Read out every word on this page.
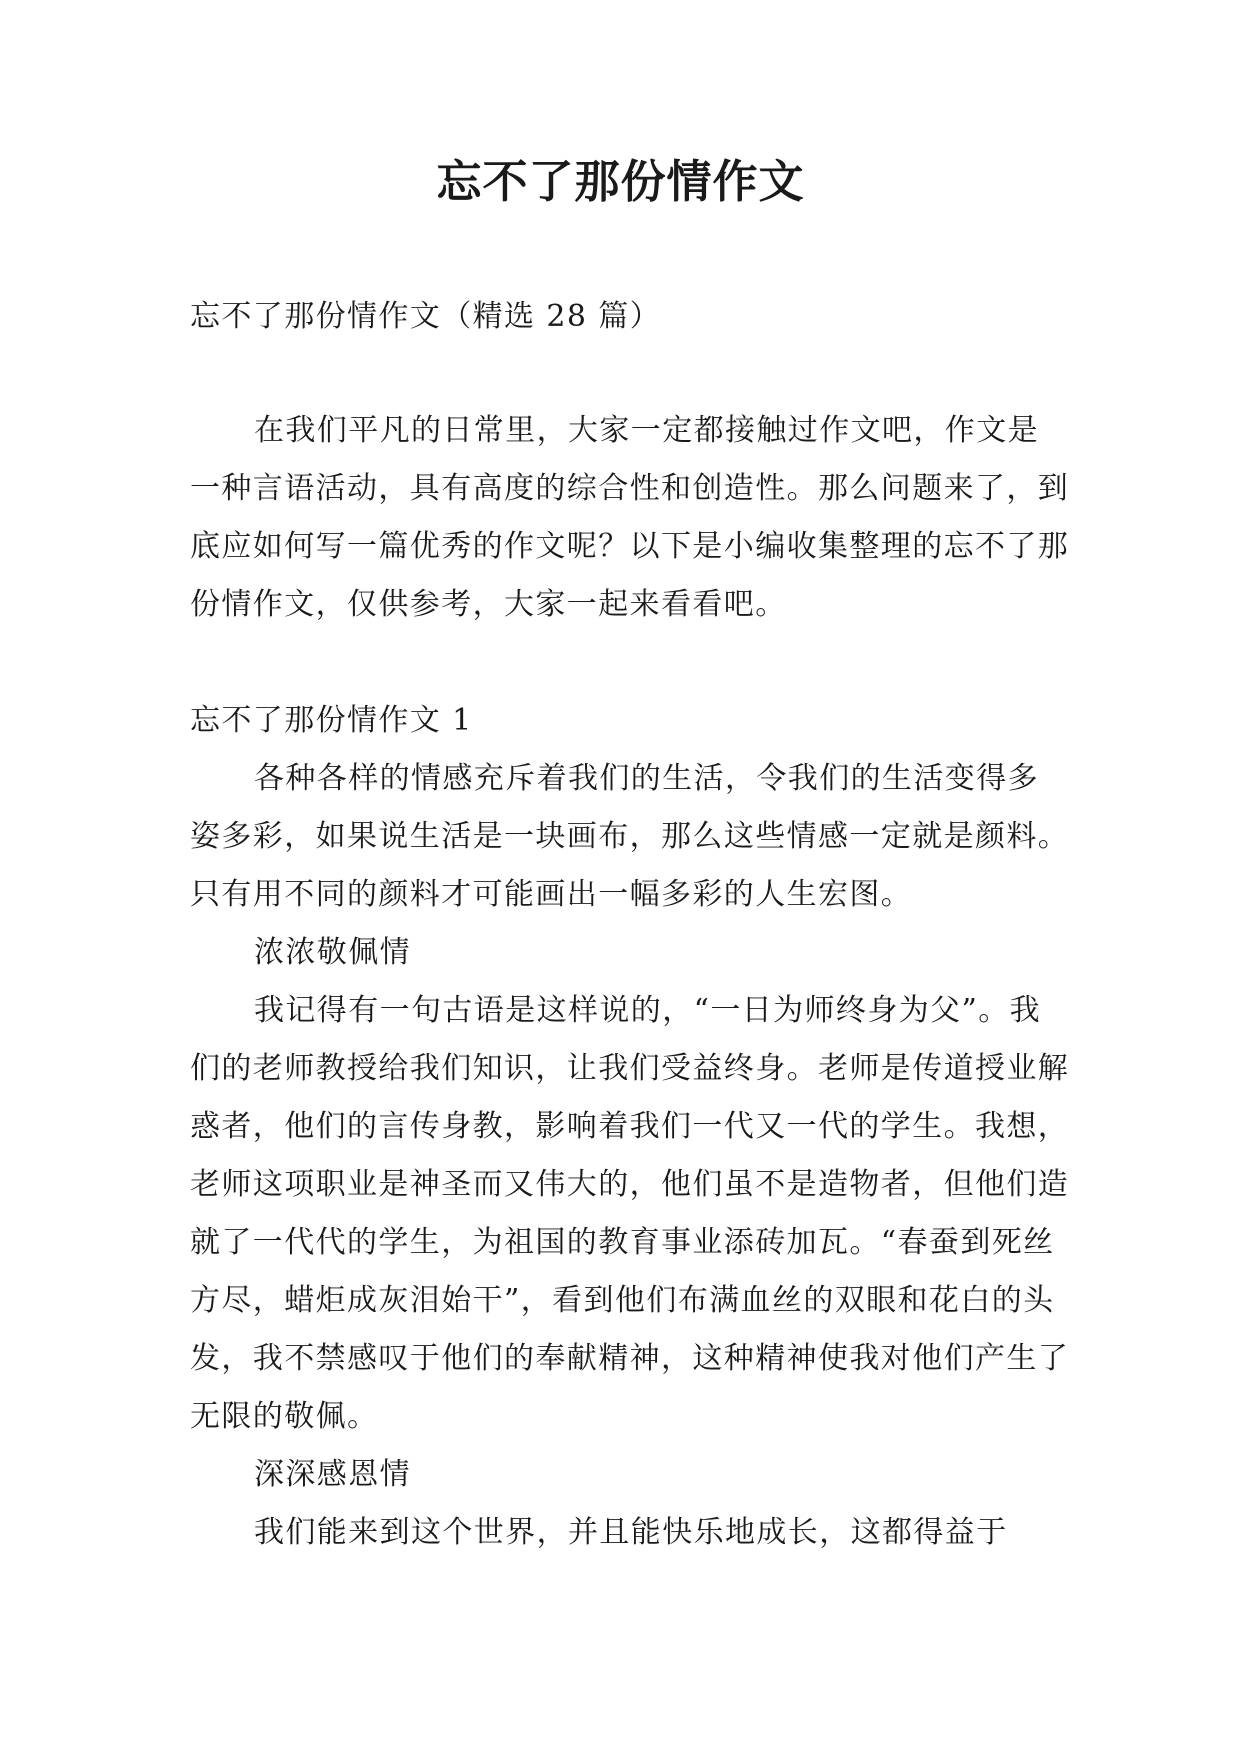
忘不了那份情作文

忘不了那份情作文（精选 28 篇）

在我们平凡的日常里，大家一定都接触过作文吧，作文是一种言语活动，具有高度的综合性和创造性。那么问题来了，到底应如何写一篇优秀的作文呢？以下是小编收集整理的忘不了那份情作文，仅供参考，大家一起来看看吧。

忘不了那份情作文 1

各种各样的情感充斥着我们的生活，令我们的生活变得多姿多彩，如果说生活是一块画布，那么这些情感一定就是颜料。只有用不同的颜料才可能画出一幅多彩的人生宏图。

浓浓敬佩情

我记得有一句古语是这样说的，“一日为师终身为父”。我们的老师教授给我们知识，让我们受益终身。老师是传道授业解惑者，他们的言传身教，影响着我们一代又一代的学生。我想，老师这项职业是神圣而又伟大的，他们虽不是造物者，但他们造就了一代代的学生，为祖国的教育事业添砖加瓦。“春蚕到死丝方尽，蜡炬成灰泪始干”，看到他们布满血丝的双眼和花白的头发，我不禁感叹于他们的奉献精神，这种精神使我对他们产生了无限的敬佩。

深深感恩情

我们能来到这个世界，并且能快乐地成长，这都得益于
